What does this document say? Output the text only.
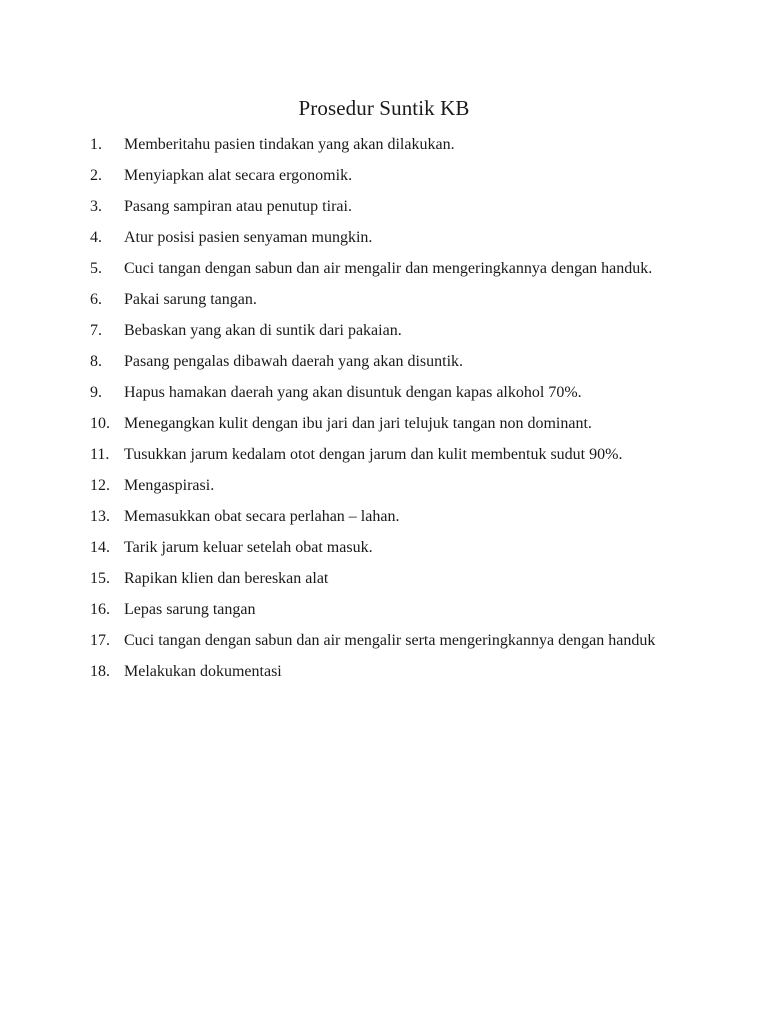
Prosedur Suntik KB
1.	Memberitahu pasien tindakan yang akan dilakukan.
2.	Menyiapkan alat secara ergonomik.
3.	Pasang sampiran atau penutup tirai.
4.	Atur posisi pasien senyaman mungkin.
5.	Cuci tangan dengan sabun dan air mengalir dan mengeringkannya dengan handuk.
6.	Pakai sarung tangan.
7.	Bebaskan yang akan di suntik dari pakaian.
8.	Pasang pengalas dibawah daerah yang akan disuntik.
9.	Hapus hamakan daerah yang akan disuntuk dengan kapas alkohol 70%.
10. Menegangkan kulit dengan ibu jari dan jari telujuk tangan non dominant.
11. Tusukkan jarum kedalam otot dengan jarum dan kulit membentuk sudut 90%.
12. Mengaspirasi.
13. Memasukkan obat secara perlahan – lahan.
14. Tarik jarum keluar setelah obat masuk.
15. Rapikan klien dan bereskan alat
16. Lepas sarung tangan
17. Cuci tangan dengan sabun dan air mengalir serta mengeringkannya dengan handuk
18. Melakukan dokumentasi
